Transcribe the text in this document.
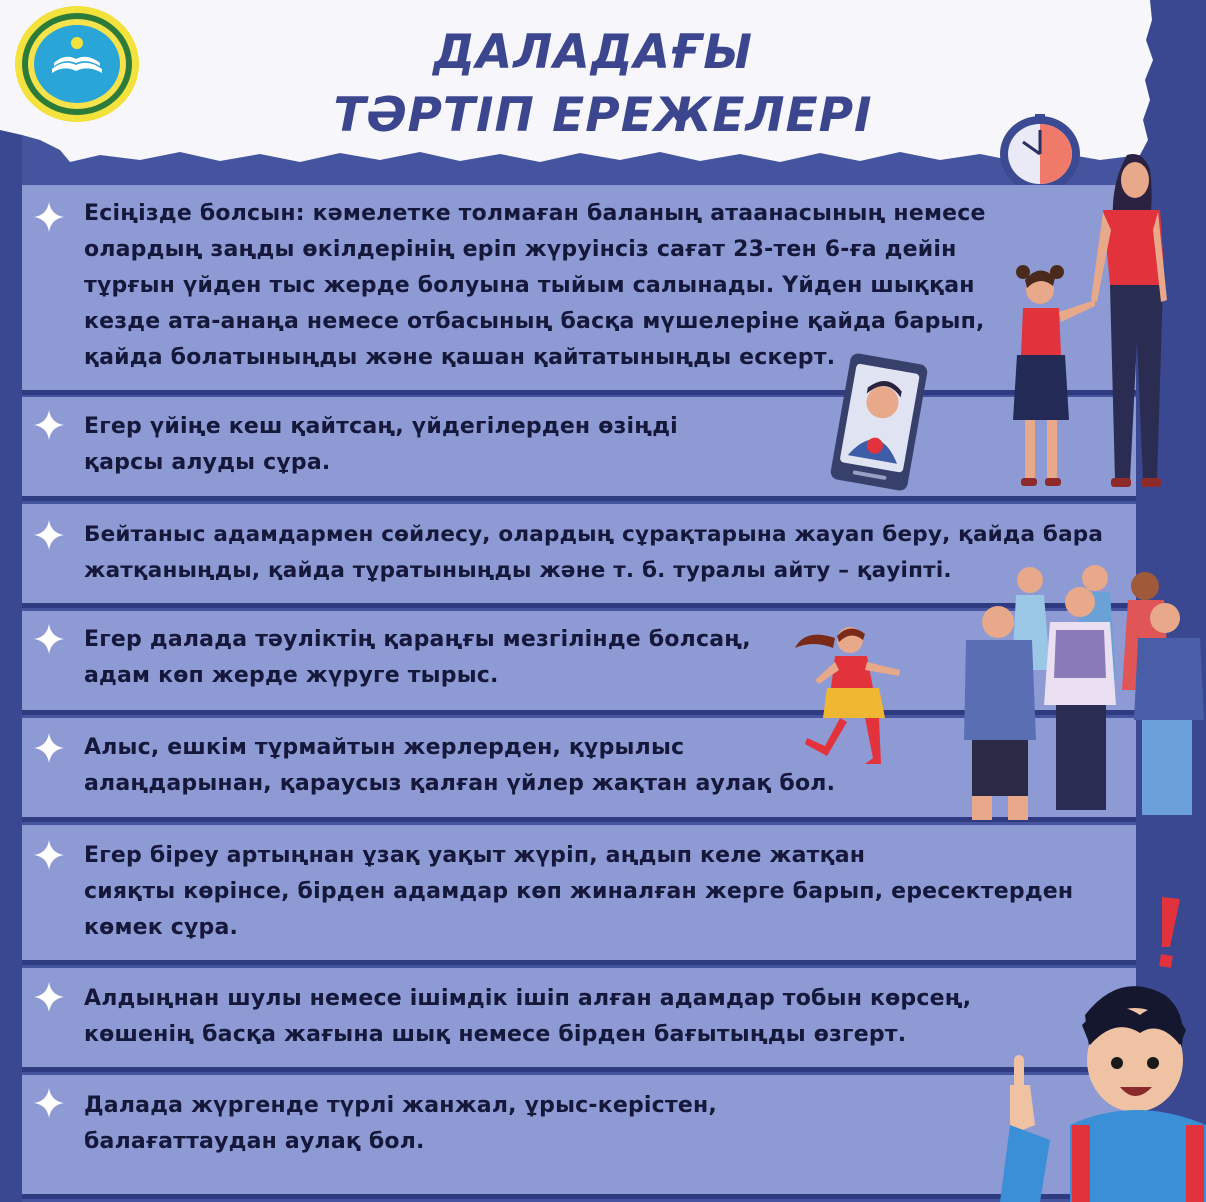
ДАЛАДАҒЫ
ТӘРТІП ЕРЕЖЕЛЕРІ
Есіңізде болсын: кәмелетке толмаған баланың атаанасының немесе
олардың заңды өкілдерінің еріп жүруінсіз сағат 23-тен 6-ға дейін
тұрғын үйден тыс жерде болуына тыйым салынады. Үйден шыққан
кезде ата-анаңа немесе отбасының басқа мүшелеріне қайда барып,
қайда болатыныңды және қашан қайтатыныңды ескерт.
Егер үйіңе кеш қайтсаң, үйдегілерден өзіңді
қарсы алуды сұра.
Бейтаныс адамдармен сөйлесу, олардың сұрақтарына жауап беру, қайда бара
жатқаныңды, қайда тұратыныңды және т. б. туралы айту – қауіпті.
Егер далада тәуліктің қараңғы мезгілінде болсаң,
адам көп жерде жүруге тырыс.
Алыс, ешкім тұрмайтын жерлерден, құрылыс
алаңдарынан, қараусыз қалған үйлер жақтан аулақ бол.
Егер біреу артыңнан ұзақ уақыт жүріп, аңдып келе жатқан
сияқты көрінсе, бірден адамдар көп жиналған жерге барып, ересектерден
көмек сұра.
Алдыңнан шулы немесе ішімдік ішіп алған адамдар тобын көрсең,
көшенің басқа жағына шық немесе бірден бағытыңды өзгерт.
Далада жүргенде түрлі жанжал, ұрыс-керістен,
балағаттаудан аулақ бол.
